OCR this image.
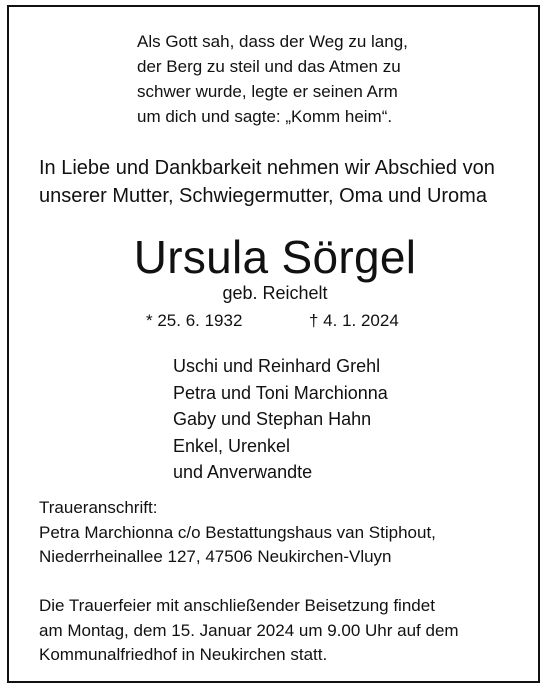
Als Gott sah, dass der Weg zu lang,
der Berg zu steil und das Atmen zu
schwer wurde, legte er seinen Arm
um dich und sagte: „Komm heim“.
In Liebe und Dankbarkeit nehmen wir Abschied von
unserer Mutter, Schwiegermutter, Oma und Uroma
Ursula Sörgel
geb. Reichelt
* 25. 6. 1932	† 4. 1. 2024
Uschi und Reinhard Grehl
Petra und Toni Marchionna
Gaby und Stephan Hahn
Enkel, Urenkel
und Anverwandte
Traueranschrift:
Petra Marchionna c/o Bestattungshaus van Stiphout,
Niederrheinallee 127, 47506 Neukirchen-Vluyn
Die Trauerfeier mit anschließender Beisetzung findet
am Montag, dem 15. Januar 2024 um 9.00 Uhr auf dem
Kommunalfriedhof in Neukirchen statt.
